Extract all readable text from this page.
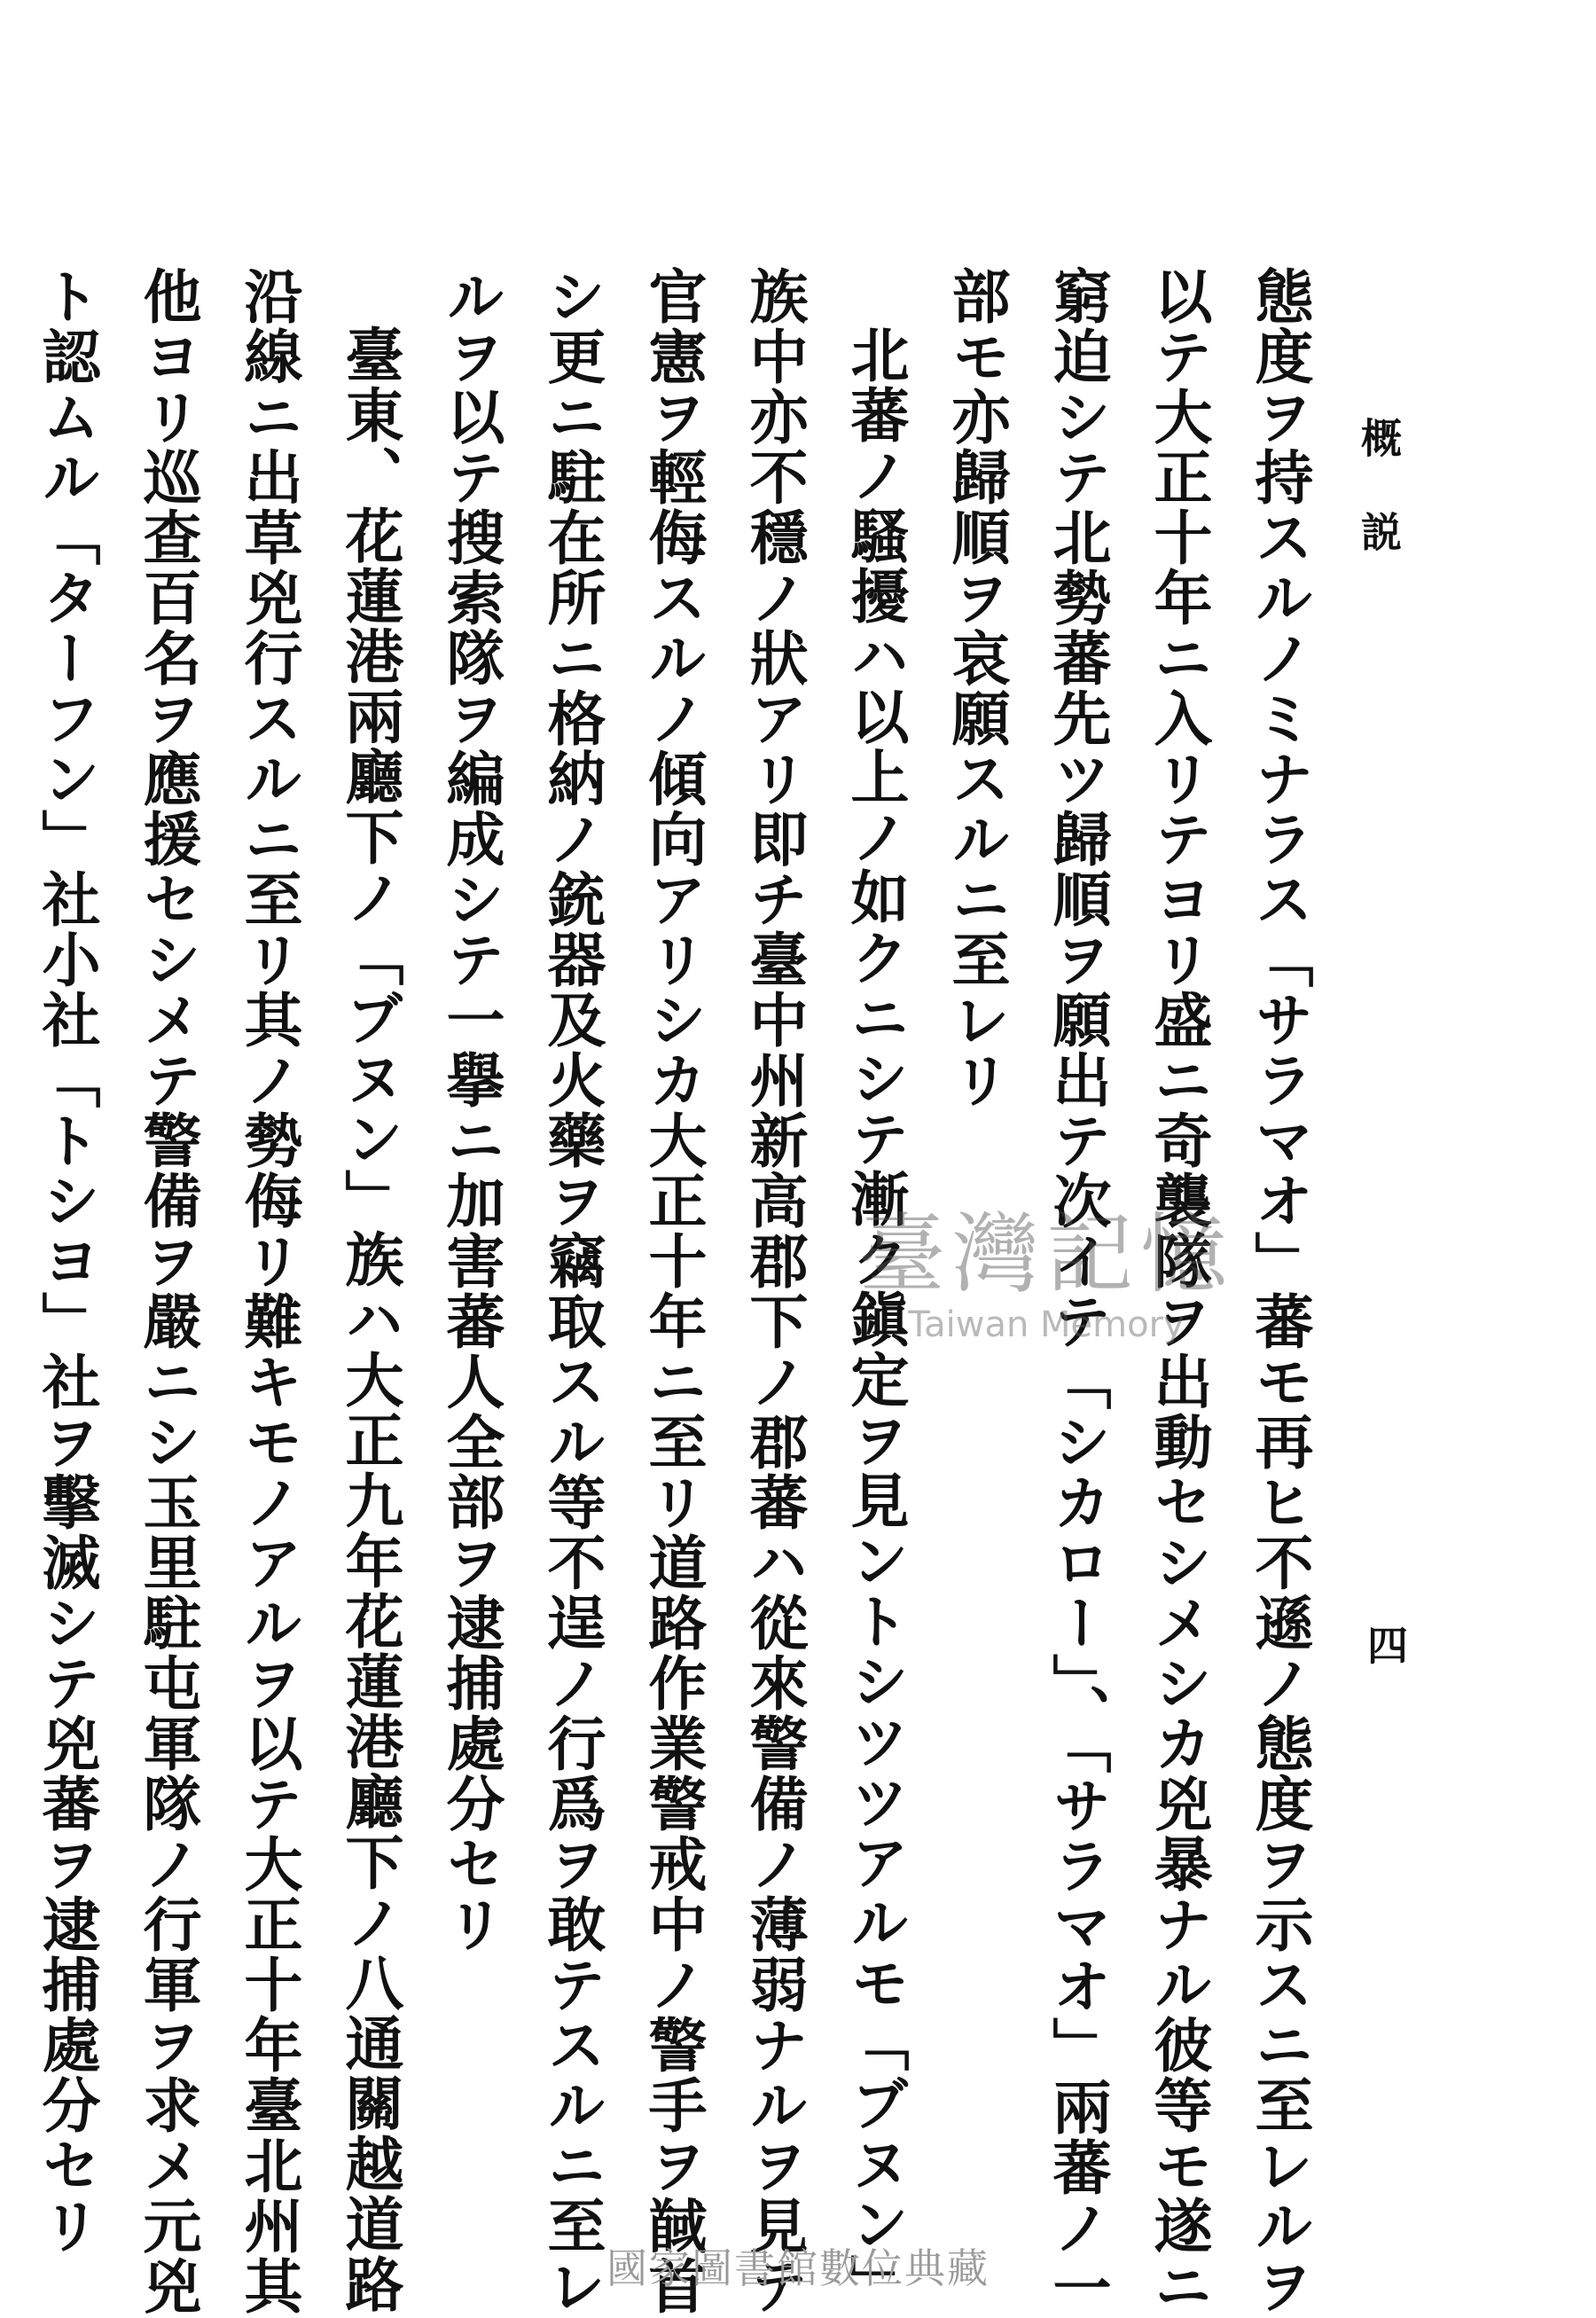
概説
四
態度ヲ持スルノミナラス「サラマオ」蕃モ再ヒ不遜ノ態度ヲ示スニ至レルヲ
以テ大正十年ニ入リテヨリ盛ニ奇襲隊ヲ出動セシメシカ兇暴ナル彼等モ遂ニ
窮迫シテ北勢蕃先ツ歸順ヲ願出テ次イテ「シカロー」、「サラマオ」兩蕃ノ一
部モ亦歸順ヲ哀願スルニ至レリ
北蕃ノ騷擾ハ以上ノ如クニシテ漸ク鎭定ヲ見ントシツツアルモ「ブヌン」
族中亦不穩ノ狀アリ即チ臺中州新高郡下ノ郡蕃ハ從來警備ノ薄弱ナルヲ見テ
官憲ヲ輕侮スルノ傾向アリシカ大正十年ニ至リ道路作業警戒中ノ警手ヲ馘首
シ更ニ駐在所ニ格納ノ銃器及火藥ヲ竊取スル等不逞ノ行爲ヲ敢テスルニ至レ
ルヲ以テ搜索隊ヲ編成シテ一擧ニ加害蕃人全部ヲ逮捕處分セリ
臺東、花蓮港兩廳下ノ「ブヌン」族ハ大正九年花蓮港廳下ノ八通關越道路
沿線ニ出草兇行スルニ至リ其ノ勢侮リ難キモノアルヲ以テ大正十年臺北州其
他ヨリ巡查百名ヲ應援セシメテ警備ヲ嚴ニシ玉里駐屯軍隊ノ行軍ヲ求メ元兇
ト認ムル「ターフン」社小社「トシヨ」社ヲ擊滅シテ兇蕃ヲ逮捕處分セリ	臺灣記憶
Taiwan Memory
國家圖書館數位典藏
